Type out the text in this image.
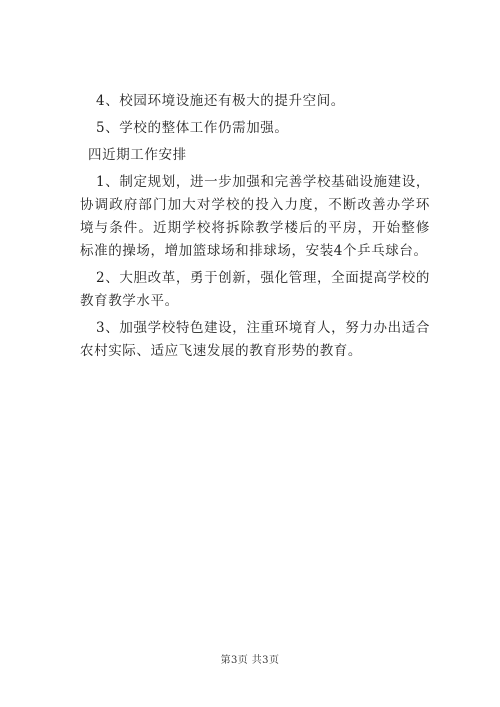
4、校园环境设施还有极大的提升空间。

5、学校的整体工作仍需加强。

四近期工作安排

1、制定规划，进一步加强和完善学校基础设施建设，协调政府部门加大对学校的投入力度，不断改善办学环境与条件。近期学校将拆除教学楼后的平房，开始整修标准的操场，增加篮球场和排球场，安装4个乒乓球台。

2、大胆改革，勇于创新，强化管理，全面提高学校的教育教学水平。

3、加强学校特色建设，注重环境育人，努力办出适合农村实际、适应飞速发展的教育形势的教育。

第3页 共3页
